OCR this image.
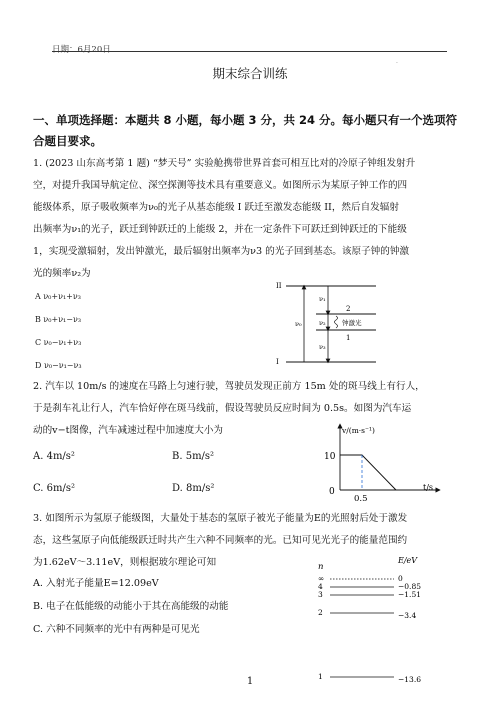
日期：6月20日
.
期末综合训练
一、单项选择题：本题共 8 小题，每小题 3 分，共 24 分。每小题只有一个选项符合题目要求。
1. (2023 山东高考第 1 题) “梦天号” 实验舱携带世界首套可相互比对的冷原子钟组发射升
空，对提升我国导航定位、深空探测等技术具有重要意义。如图所示为某原子钟工作的四
能级体系，原子吸收频率为ν₀的光子从基态能级 I 跃迁至激发态能级 II，然后自发辐射
出频率为ν₁的光子，跃迁到钟跃迁的上能级 2，并在一定条件下可跃迁到钟跃迁的下能级
1，实现受激辐射，发出钟激光，最后辐射出频率为ν3 的光子回到基态。该原子钟的钟激
光的频率ν₂为
A ν₀+ν₁+ν₃
B ν₀+ν₁−ν₃
C ν₀−ν₁+ν₃
D ν₀−ν₁−ν₃
II
2
1
I
ν₀
ν₁
ν₂
ν₃
钟激光
2. 汽车以 10m/s 的速度在马路上匀速行驶，驾驶员发现正前方 15m 处的斑马线上有行人，
于是刹车礼让行人，汽车恰好停在斑马线前，假设驾驶员反应时间为 0.5s。如图为汽车运
动的v−t图像，汽车减速过程中加速度大小为
A. 4m/s²	B. 5m/s²
C. 6m/s²	D. 8m/s²
v/(m·s⁻¹)
t/s
10
0
0.5
3. 如图所示为氢原子能级图，大量处于基态的氢原子被光子能量为E的光照射后处于激发
态，这些氢原子向低能级跃迁时共产生六种不同频率的光。已知可见光光子的能量范围约
为1.62eV～3.11eV，则根据玻尔理论可知
A. 入射光子能量E=12.09eV
B. 电子在低能级的动能小于其在高能级的动能
C. 六种不同频率的光中有两种是可见光
n
E/eV
∞	0
4	−0.85
3	−1.51
2	−3.4
1	−13.6
1
